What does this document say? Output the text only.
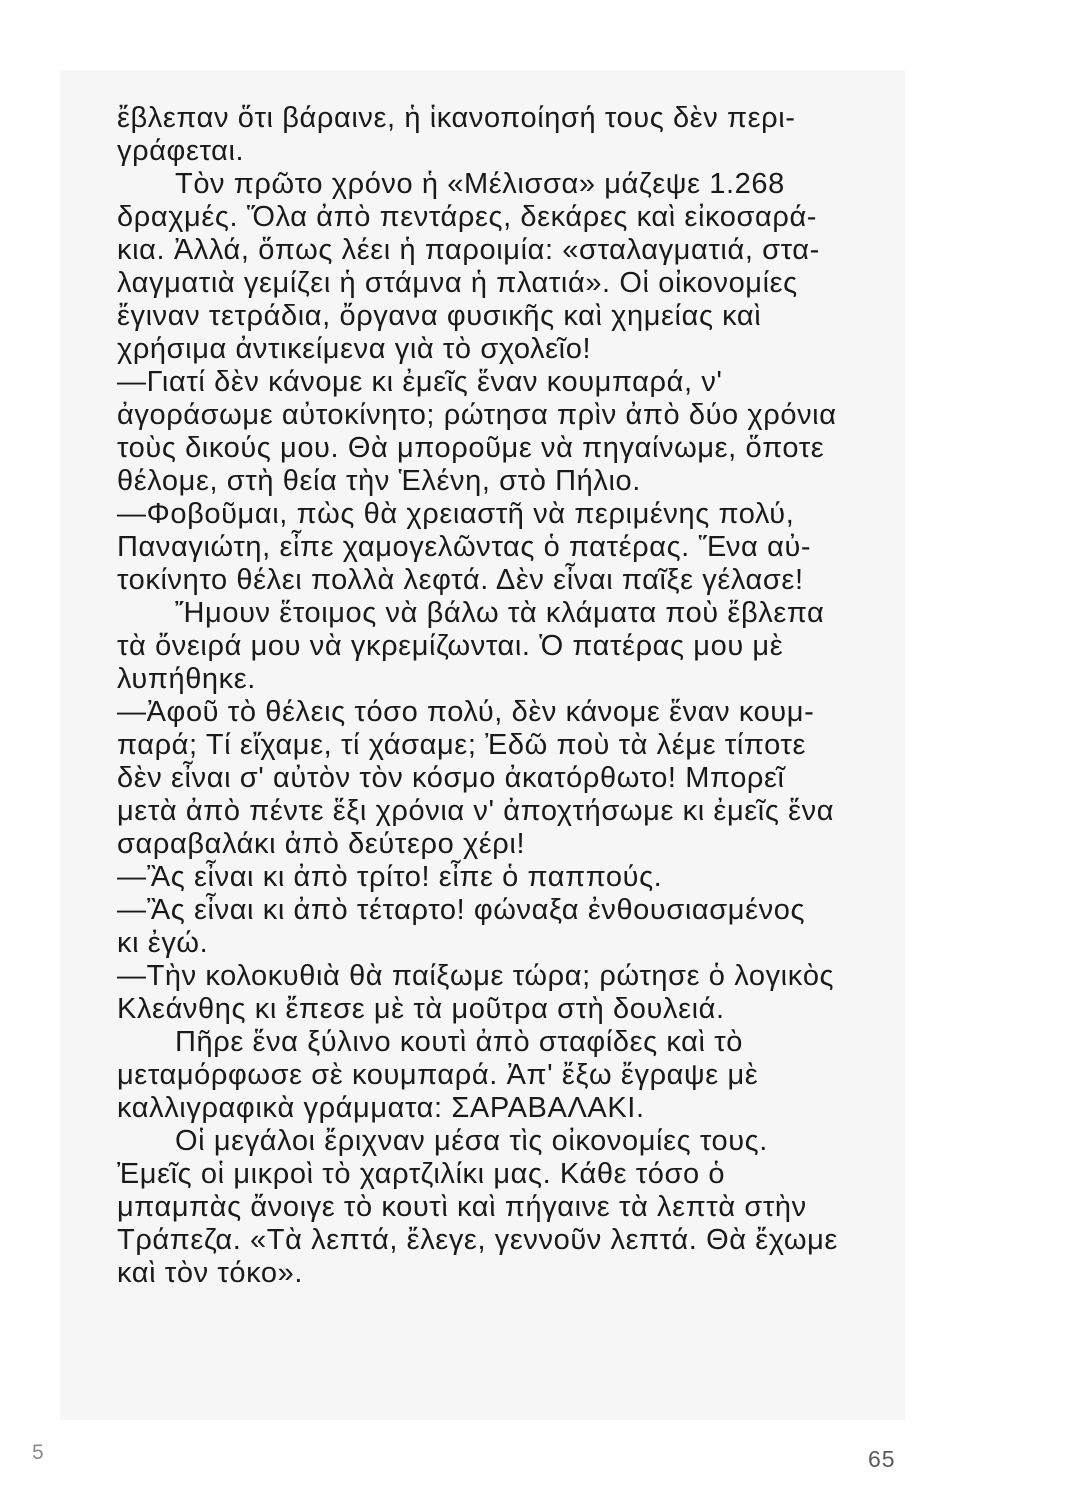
ἔβλεπαν ὅτι βάραινε, ἡ ἱκανοποίησή τους δὲν περι-
γράφεται.
Τὸν πρῶτο χρόνο ἡ «Μέλισσα» μάζεψε 1.268
δραχμές. Ὅλα ἀπὸ πεντάρες, δεκάρες καὶ εἰκοσαρά-
κια. Ἀλλά, ὅπως λέει ἡ παροιμία: «σταλαγματιά, στα-
λαγματιὰ γεμίζει ἡ στάμνα ἡ πλατιά». Οἱ οἰκονομίες
ἔγιναν τετράδια, ὄργανα φυσικῆς καὶ χημείας καὶ
χρήσιμα ἀντικείμενα γιὰ τὸ σχολεῖο!
—Γιατί δὲν κάνομε κι ἐμεῖς ἕναν κουμπαρά, ν'
ἀγοράσωμε αὐτοκίνητο; ρώτησα πρὶν ἀπὸ δύο χρόνια
τοὺς δικούς μου. Θὰ μποροῦμε νὰ πηγαίνωμε, ὅποτε
θέλομε, στὴ θεία τὴν Ἑλένη, στὸ Πήλιο.
—Φοβοῦμαι, πὼς θὰ χρειαστῆ νὰ περιμένης πολύ,
Παναγιώτη, εἶπε χαμογελῶντας ὁ πατέρας. Ἕνα αὐ-
τοκίνητο θέλει πολλὰ λεφτά. Δὲν εἶναι παῖξε γέλασε!
Ἤμουν ἕτοιμος νὰ βάλω τὰ κλάματα ποὺ ἔβλεπα
τὰ ὄνειρά μου νὰ γκρεμίζωνται. Ὁ πατέρας μου μὲ
λυπήθηκε.
—Ἀφοῦ τὸ θέλεις τόσο πολύ, δὲν κάνομε ἕναν κουμ-
παρά; Τί εἴχαμε, τί χάσαμε; Ἐδῶ ποὺ τὰ λέμε τίποτε
δὲν εἶναι σ' αὐτὸν τὸν κόσμο ἀκατόρθωτο! Μπορεῖ
μετὰ ἀπὸ πέντε ἕξι χρόνια ν' ἀποχτήσωμε κι ἐμεῖς ἕνα
σαραβαλάκι ἀπὸ δεύτερο χέρι!
—Ἂς εἶναι κι ἀπὸ τρίτο! εἶπε ὁ παππούς.
—Ἂς εἶναι κι ἀπὸ τέταρτο! φώναξα ἐνθουσιασμένος
κι ἐγώ.
—Τὴν κολοκυθιὰ θὰ παίξωμε τώρα; ρώτησε ὁ λογικὸς
Κλεάνθης κι ἔπεσε μὲ τὰ μοῦτρα στὴ δουλειά.
Πῆρε ἕνα ξύλινο κουτὶ ἀπὸ σταφίδες καὶ τὸ
μεταμόρφωσε σὲ κουμπαρά. Ἀπ' ἔξω ἔγραψε μὲ
καλλιγραφικὰ γράμματα: ΣΑΡΑΒΑΛΑΚΙ.
Οἱ μεγάλοι ἔριχναν μέσα τὶς οἰκονομίες τους.
Ἐμεῖς οἱ μικροὶ τὸ χαρτζιλίκι μας. Κάθε τόσο ὁ
μπαμπὰς ἄνοιγε τὸ κουτὶ καὶ πήγαινε τὰ λεπτὰ στὴν
Τράπεζα. «Τὰ λεπτά, ἔλεγε, γεννοῦν λεπτά. Θὰ ἔχωμε
καὶ τὸν τόκο».
5	65
